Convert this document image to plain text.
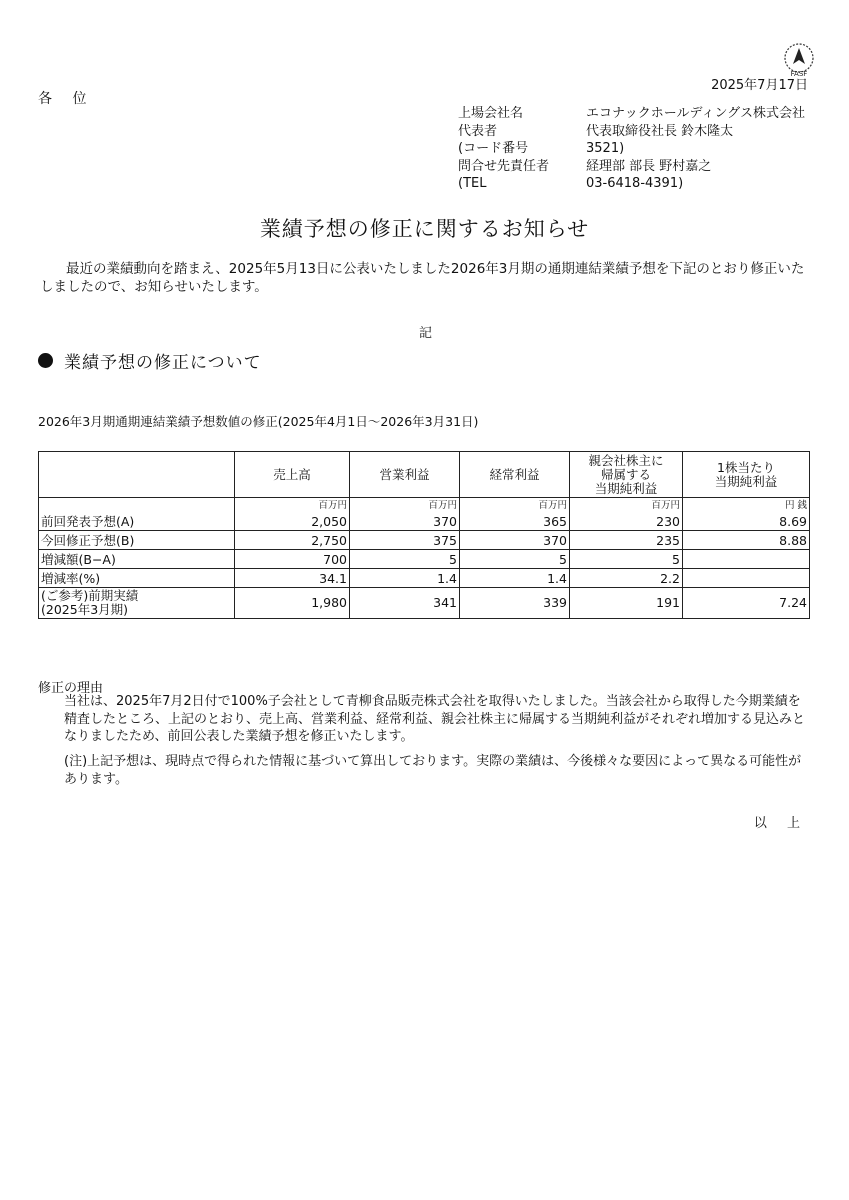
FASF
2025年7月17日
各 位
上場会社名	エコナックホールディングス株式会社
代表者	代表取締役社長 鈴木隆太
(コード番号	3521)
問合せ先責任者	経理部 部長 野村嘉之
(TEL	03-6418-4391)
業績予想の修正に関するお知らせ
最近の業績動向を踏まえ、2025年5月13日に公表いたしました2026年3月期の通期連結業績予想を下記のとおり修正いたしましたので、お知らせいたします。
記
業績予想の修正について
2026年3月期通期連結業績予想数値の修正(2025年4月1日～2026年3月31日)
	売上高	営業利益	経常利益	親会社株主に
帰属する
当期純利益	1株当たり
当期純利益
	百万円	百万円	百万円	百万円	円 銭
前回発表予想(A)	2,050	370	365	230	8.69
今回修正予想(B)	2,750	375	370	235	8.88
増減額(B−A)	700	5	5	5	
増減率(%)	34.1	1.4	1.4	2.2	
(ご参考)前期実績
(2025年3月期)	1,980	341	339	191	7.24
修正の理由
当社は、2025年7月2日付で100%子会社として青柳食品販売株式会社を取得いたしました。当該会社から取得した今期業績を精査したところ、上記のとおり、売上高、営業利益、経常利益、親会社株主に帰属する当期純利益がそれぞれ増加する見込みとなりましたため、前回公表した業績予想を修正いたします。
(注)上記予想は、現時点で得られた情報に基づいて算出しております。実際の業績は、今後様々な要因によって異なる可能性があります。
以 上
